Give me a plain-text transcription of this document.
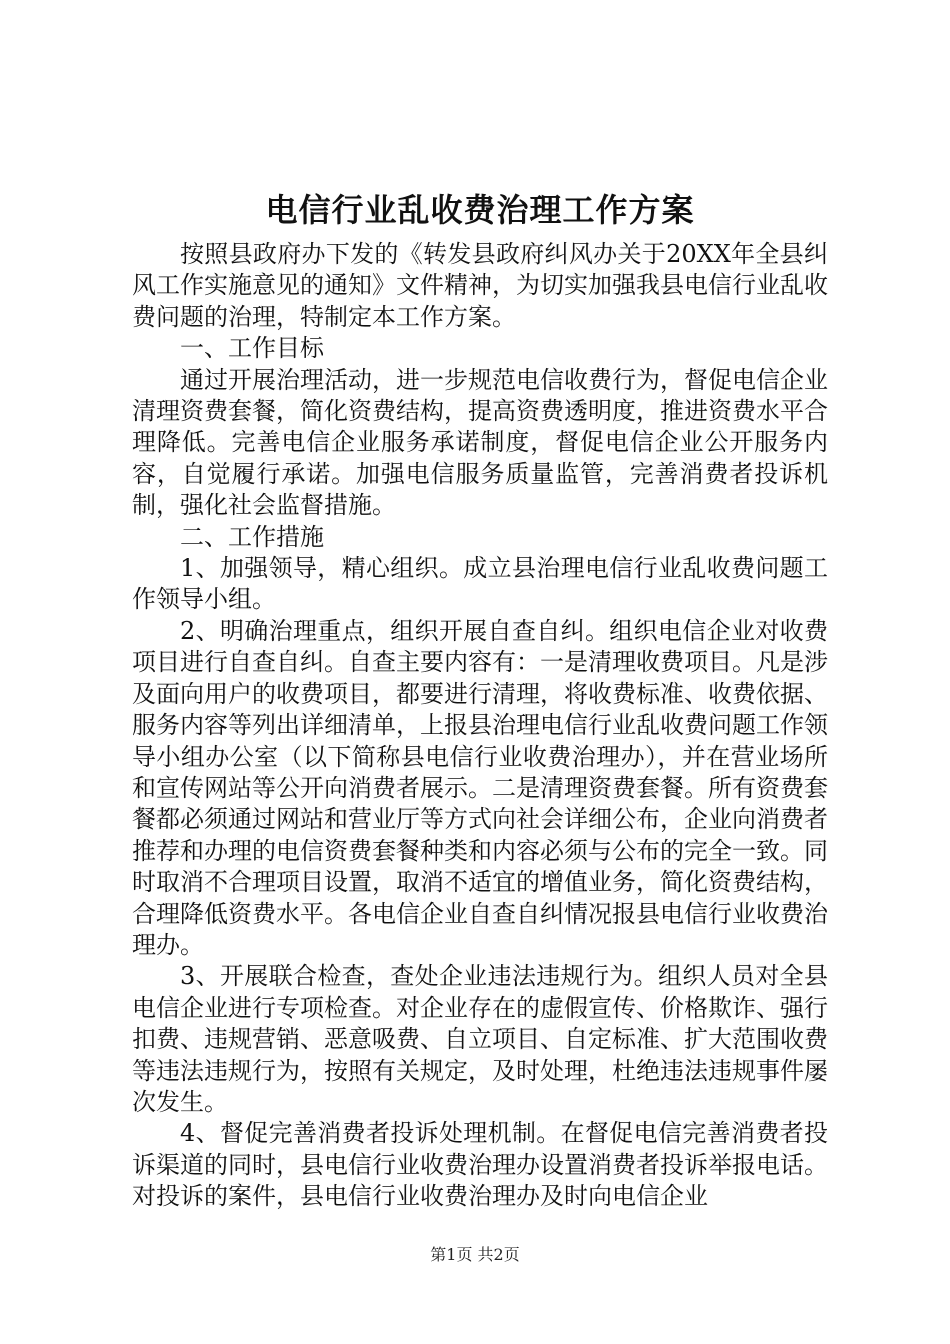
电信行业乱收费治理工作方案

按照县政府办下发的《转发县政府纠风办关于20XX年全县纠风工作实施意见的通知》文件精神，为切实加强我县电信行业乱收费问题的治理，特制定本工作方案。

一、工作目标

通过开展治理活动，进一步规范电信收费行为，督促电信企业清理资费套餐，简化资费结构，提高资费透明度，推进资费水平合理降低。完善电信企业服务承诺制度，督促电信企业公开服务内容，自觉履行承诺。加强电信服务质量监管，完善消费者投诉机制，强化社会监督措施。

二、工作措施

1、加强领导，精心组织。成立县治理电信行业乱收费问题工作领导小组。

2、明确治理重点，组织开展自查自纠。组织电信企业对收费项目进行自查自纠。自查主要内容有：一是清理收费项目。凡是涉及面向用户的收费项目，都要进行清理，将收费标准、收费依据、服务内容等列出详细清单，上报县治理电信行业乱收费问题工作领导小组办公室（以下简称县电信行业收费治理办），并在营业场所和宣传网站等公开向消费者展示。二是清理资费套餐。所有资费套餐都必须通过网站和营业厅等方式向社会详细公布，企业向消费者推荐和办理的电信资费套餐种类和内容必须与公布的完全一致。同时取消不合理项目设置，取消不适宜的增值业务，简化资费结构，合理降低资费水平。各电信企业自查自纠情况报县电信行业收费治理办。

3、开展联合检查，查处企业违法违规行为。组织人员对全县电信企业进行专项检查。对企业存在的虚假宣传、价格欺诈、强行扣费、违规营销、恶意吸费、自立项目、自定标准、扩大范围收费等违法违规行为，按照有关规定，及时处理，杜绝违法违规事件屡次发生。

4、督促完善消费者投诉处理机制。在督促电信完善消费者投诉渠道的同时，县电信行业收费治理办设置消费者投诉举报电话。对投诉的案件，县电信行业收费治理办及时向电信企业

第1页 共2页
